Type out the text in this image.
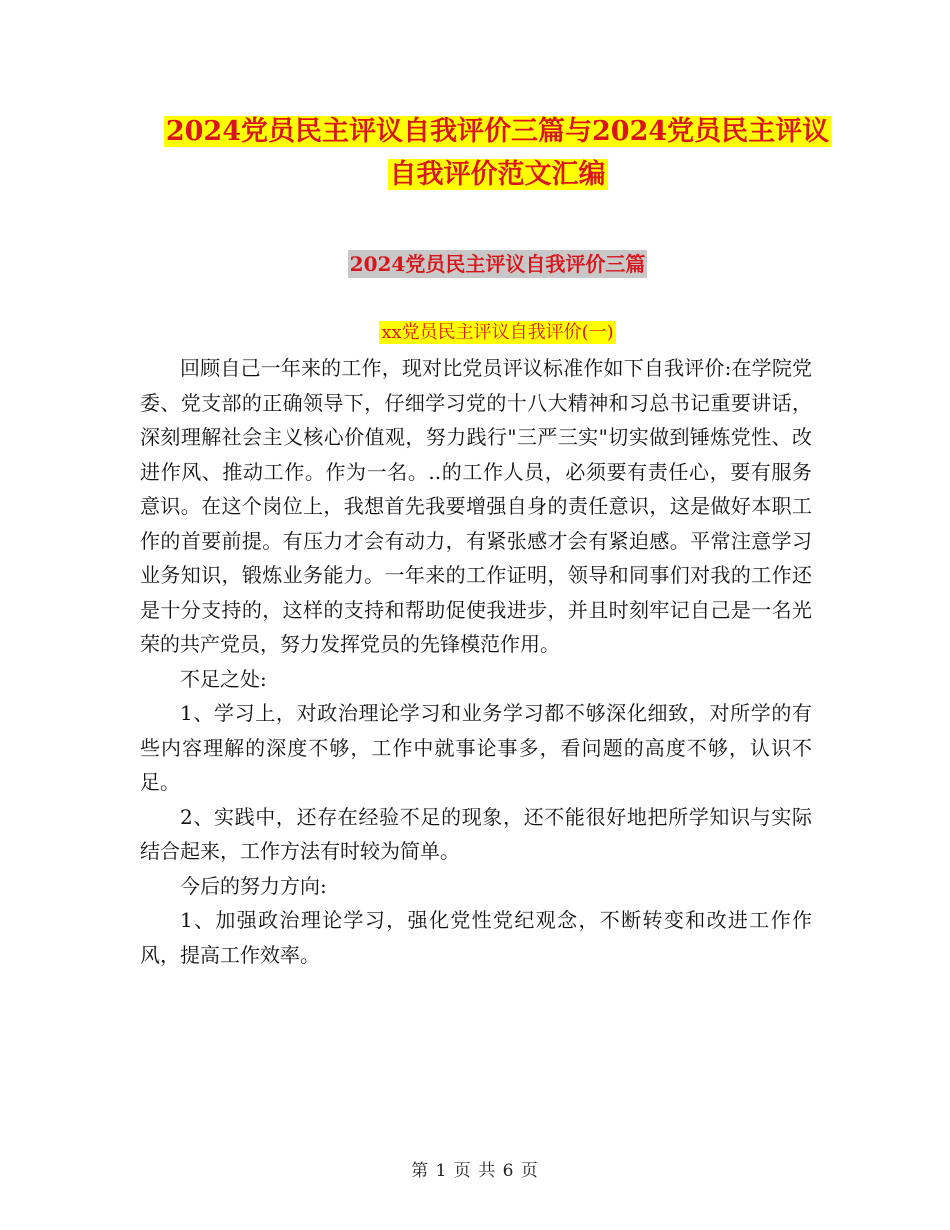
2024党员民主评议自我评价三篇与2024党员民主评议
自我评价范文汇编
2024党员民主评议自我评价三篇
xx党员民主评议自我评价(一)

回顾自己一年来的工作，现对比党员评议标准作如下自我评价:在学院党委、党支部的正确领导下，仔细学习党的十八大精神和习总书记重要讲话，深刻理解社会主义核心价值观，努力践行"三严三实"切实做到锤炼党性、改进作风、推动工作。作为一名。..的工作人员，必须要有责任心，要有服务意识。在这个岗位上，我想首先我要增强自身的责任意识，这是做好本职工作的首要前提。有压力才会有动力，有紧张感才会有紧迫感。平常注意学习业务知识，锻炼业务能力。一年来的工作证明，领导和同事们对我的工作还是十分支持的，这样的支持和帮助促使我进步，并且时刻牢记自己是一名光荣的共产党员，努力发挥党员的先锋模范作用。

不足之处:

1、学习上，对政治理论学习和业务学习都不够深化细致，对所学的有些内容理解的深度不够，工作中就事论事多，看问题的高度不够，认识不足。

2、实践中，还存在经验不足的现象，还不能很好地把所学知识与实际结合起来，工作方法有时较为简单。

今后的努力方向:

1、加强政治理论学习，强化党性党纪观念，不断转变和改进工作作风，提高工作效率。

第 1 页 共 6 页
